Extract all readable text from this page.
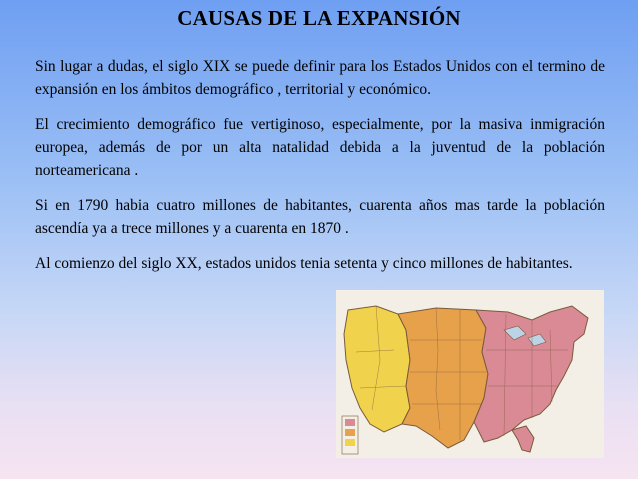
CAUSAS DE LA EXPANSIÓN

Sin lugar a dudas, el siglo XIX se puede definir para los Estados Unidos con el termino de expansión en los ámbitos demográfico , territorial y económico.

El crecimiento demográfico fue vertiginoso, especialmente, por la masiva inmigración europea, además de por un alta natalidad debida a la juventud de la población norteamericana .

Si en 1790 habia cuatro millones de habitantes, cuarenta años mas tarde la población ascendía ya a trece millones y a cuarenta en 1870 .

Al comienzo del siglo XX, estados unidos tenia setenta y cinco millones de habitantes.
